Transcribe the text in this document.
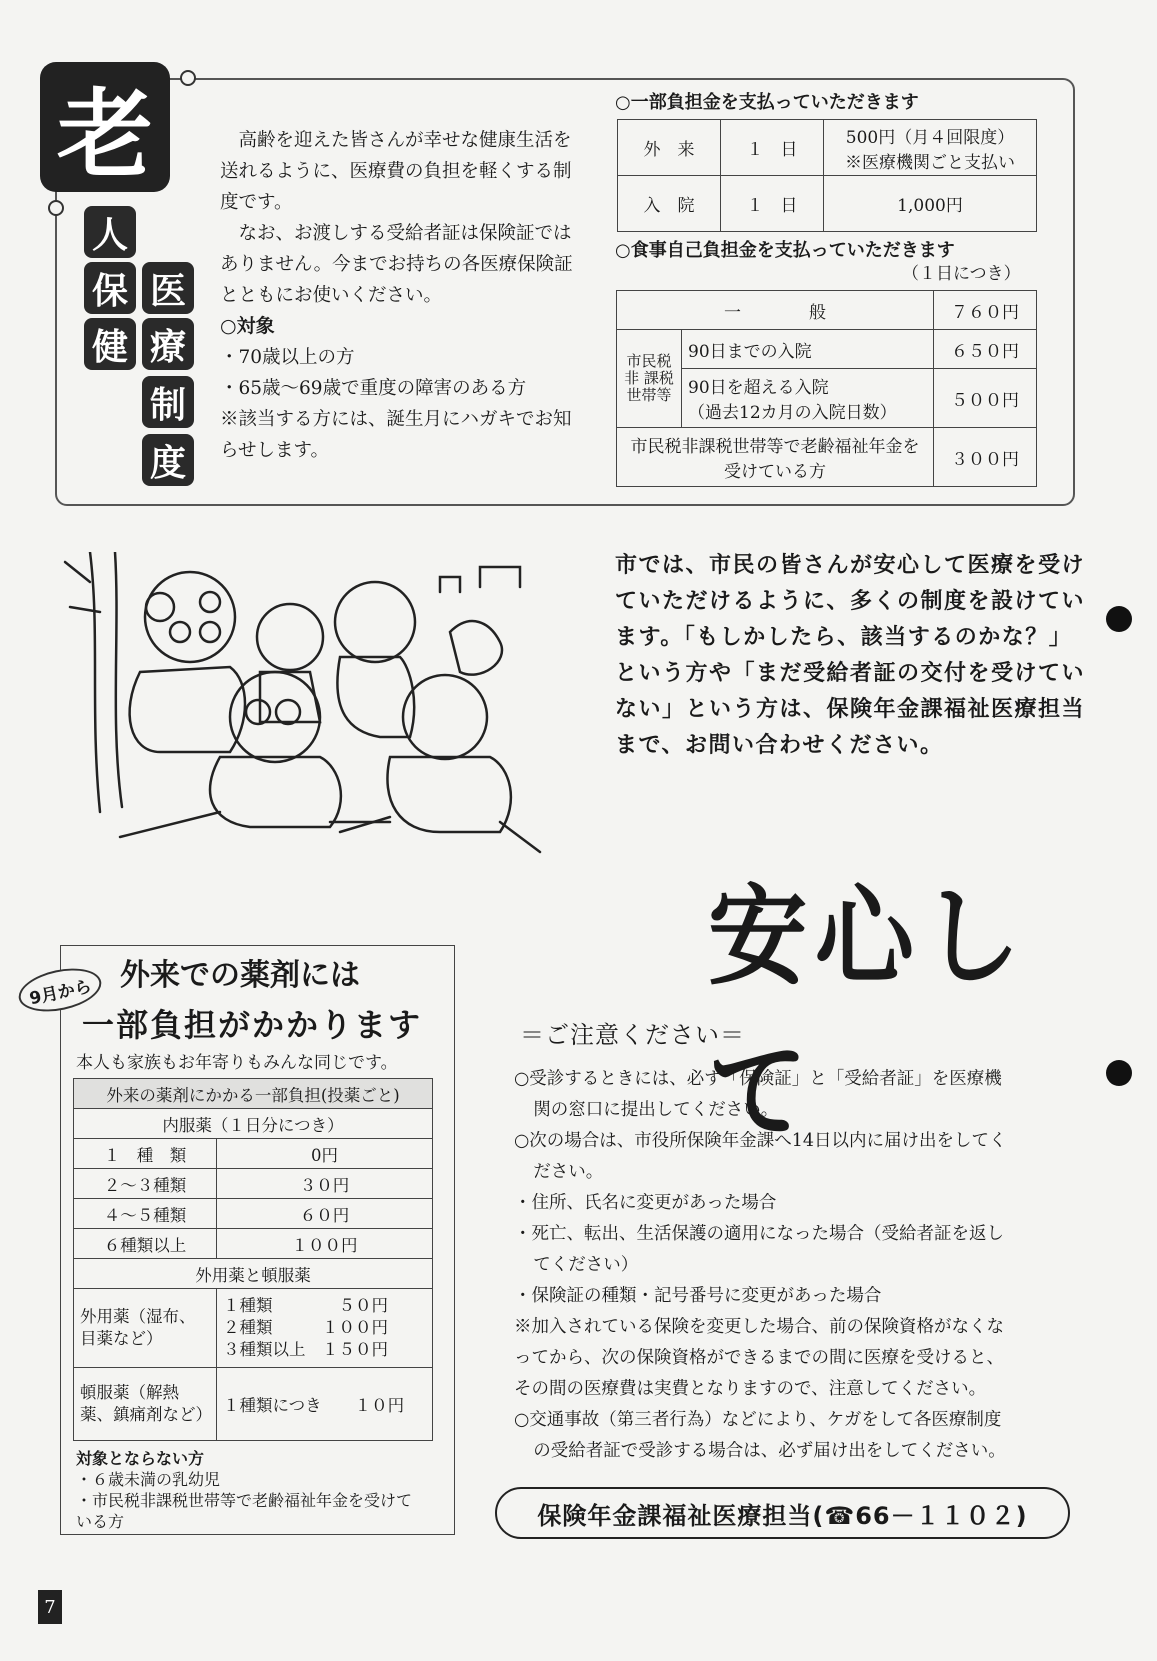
老
人
保
健
医
療
制
度

高齢を迎えた皆さんが幸せな健康生活を送れるように、医療費の負担を軽くする制度です。

なお、お渡しする受給者証は保険証ではありません。今までお持ちの各医療保険証とともにお使いください。

○対象
・70歳以上の方
・65歳～69歳で重度の障害のある方
※該当する方には、誕生月にハガキでお知らせします。
○一部負担金を支払っていただきます
外　来	１　日	500円（月４回限度）
※医療機関ごと支払い

入　院	１　日	1,000円
○食事自己負担金を支払っていただきます
（１日につき）
一　　　　般		７６０円
市民税
非 課税世帯等	90日までの入院	６５０円

	90日を超える入院
（過去12カ月の入院日数）	５００円
市民税非課税世帯等で老齢福祉年金を受けている方		３００円
市では、市民の皆さんが安心して医療を受けていただけるように、多くの制度を設けています。「もしかしたら、該当するのかな？」という方や「まだ受給者証の交付を受けていない」という方は、保険年金課福祉医療担当まで、お問い合わせください。
安心して
9月から 外来での薬剤には
一部負担がかかります
本人も家族もお年寄りもみんな同じです。
外来の薬剤にかかる一部負担(投薬ごと)	
内服薬（１日分につき）	
１　種　類	0円
２～３種類	３０円
４～５種類	６０円
６種類以上	１００円
外用薬と頓服薬	
外用薬（湿布、目薬など）	１種類　　　　５０円
２種類　　　１００円
３種類以上　１５０円

頓服薬（解熱薬、鎮痛剤など）	１種類につき　　１０円
対象とならない方
・６歳未満の乳幼児
・市民税非課税世帯等で老齢福祉年金を受けている方
＝ご注意ください＝
○受診するときには、必ず「保険証」と「受給者証」を医療機
関の窓口に提出してください。
○次の場合は、市役所保険年金課へ14日以内に届け出をしてく
ださい。
・住所、氏名に変更があった場合
・死亡、転出、生活保護の適用になった場合（受給者証を返し
てください）
・保険証の種類・記号番号に変更があった場合
※加入されている保険を変更した場合、前の保険資格がなくな
ってから、次の保険資格ができるまでの間に医療を受けると、
その間の医療費は実費となりますので、注意してください。
○交通事故（第三者行為）などにより、ケガをして各医療制度
の受給者証で受診する場合は、必ず届け出をしてください。
保険年金課福祉医療担当(☎66－１１０２)
7
